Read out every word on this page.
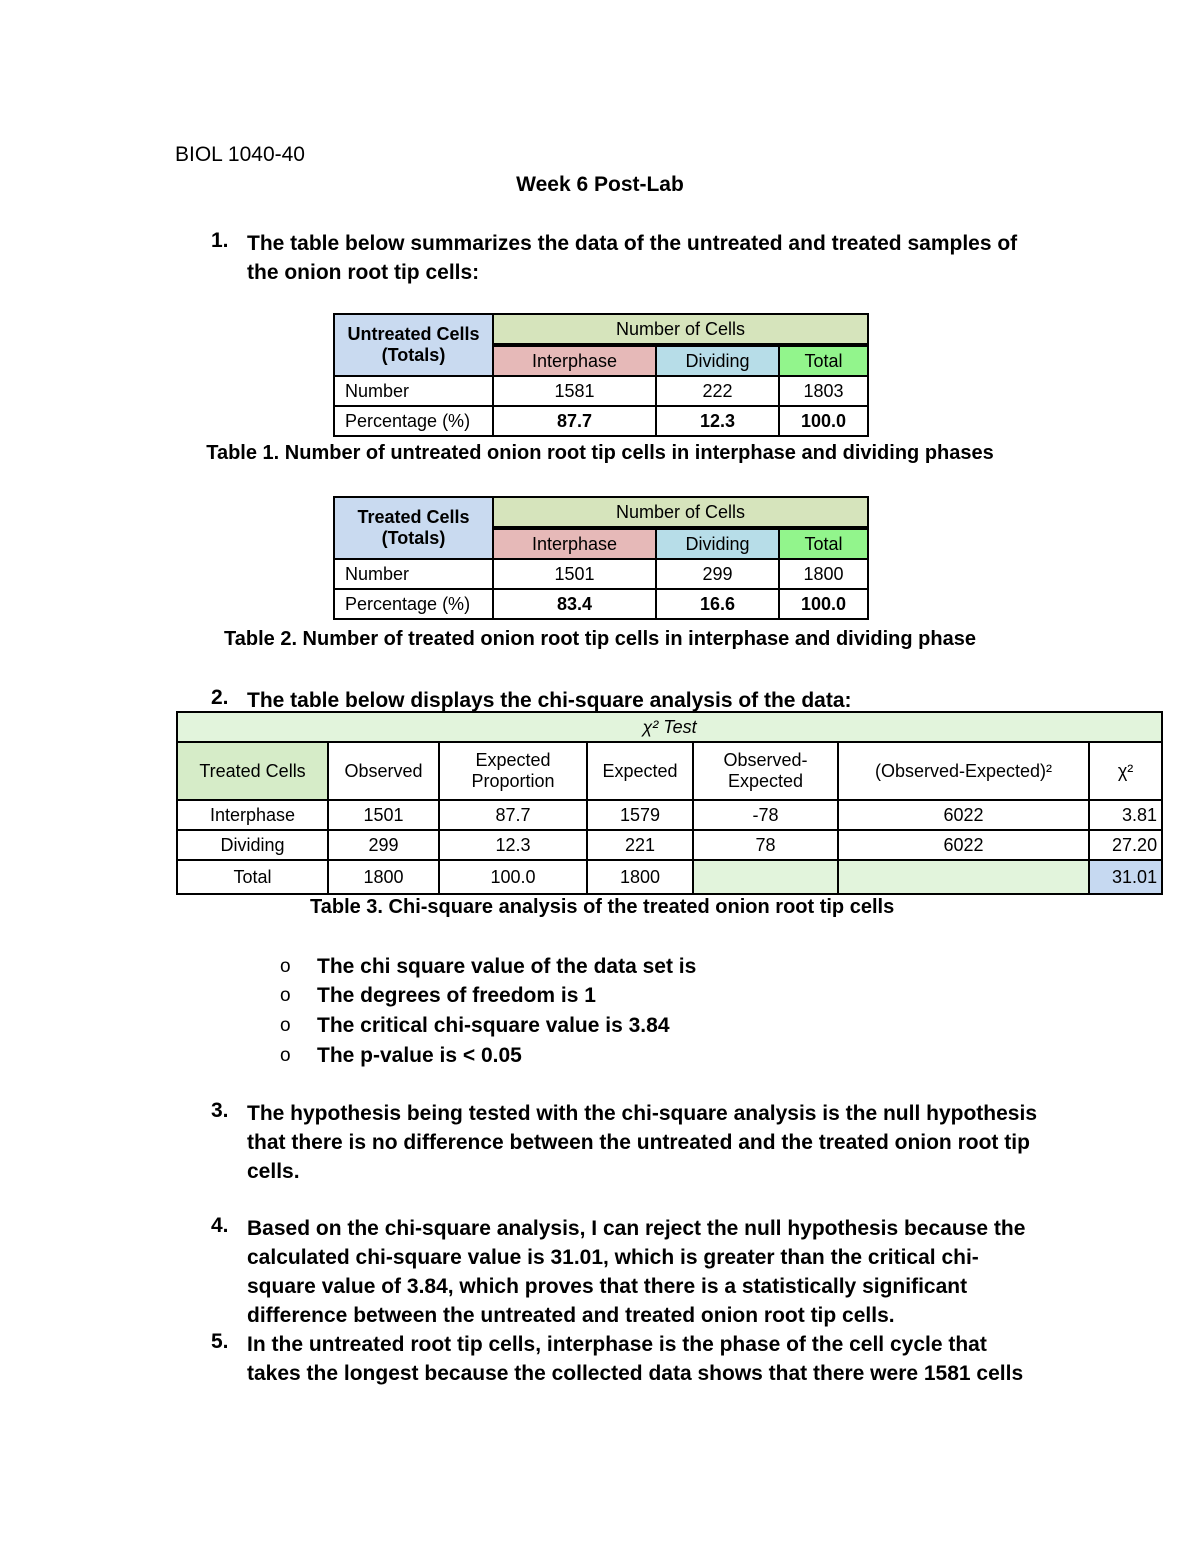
BIOL 1040-40
Week 6 Post-Lab
1. The table below summarizes the data of the untreated and treated samples of the onion root tip cells:
Untreated Cells (Totals)	Number of Cells		
	Interphase	Dividing	Total
Number	1581	222	1803
Percentage (%)	87.7	12.3	100.0
Table 1. Number of untreated onion root tip cells in interphase and dividing phases
Treated Cells (Totals)	Number of Cells		
	Interphase	Dividing	Total
Number	1501	299	1800
Percentage (%)	83.4	16.6	100.0
Table 2. Number of treated onion root tip cells in interphase and dividing phase
2. The table below displays the chi-square analysis of the data:
χ² Test						
Treated Cells	Observed	Expected Proportion	Expected	Observed-Expected	(Observed-Expected)²	χ²
Interphase	1501	87.7	1579	-78	6022	3.81
Dividing	299	12.3	221	78	6022	27.20
Total	1800	100.0	1800			31.01
Table 3. Chi-square analysis of the treated onion root tip cells
o	The chi square value of the data set is
o	The degrees of freedom is 1
o	The critical chi-square value is 3.84
o	The p-value is < 0.05
3. The hypothesis being tested with the chi-square analysis is the null hypothesis that there is no difference between the untreated and the treated onion root tip cells.
4. Based on the chi-square analysis, I can reject the null hypothesis because the calculated chi-square value is 31.01, which is greater than the critical chi-square value of 3.84, which proves that there is a statistically significant difference between the untreated and treated onion root tip cells.
5. In the untreated root tip cells, interphase is the phase of the cell cycle that takes the longest because the collected data shows that there were 1581 cells
